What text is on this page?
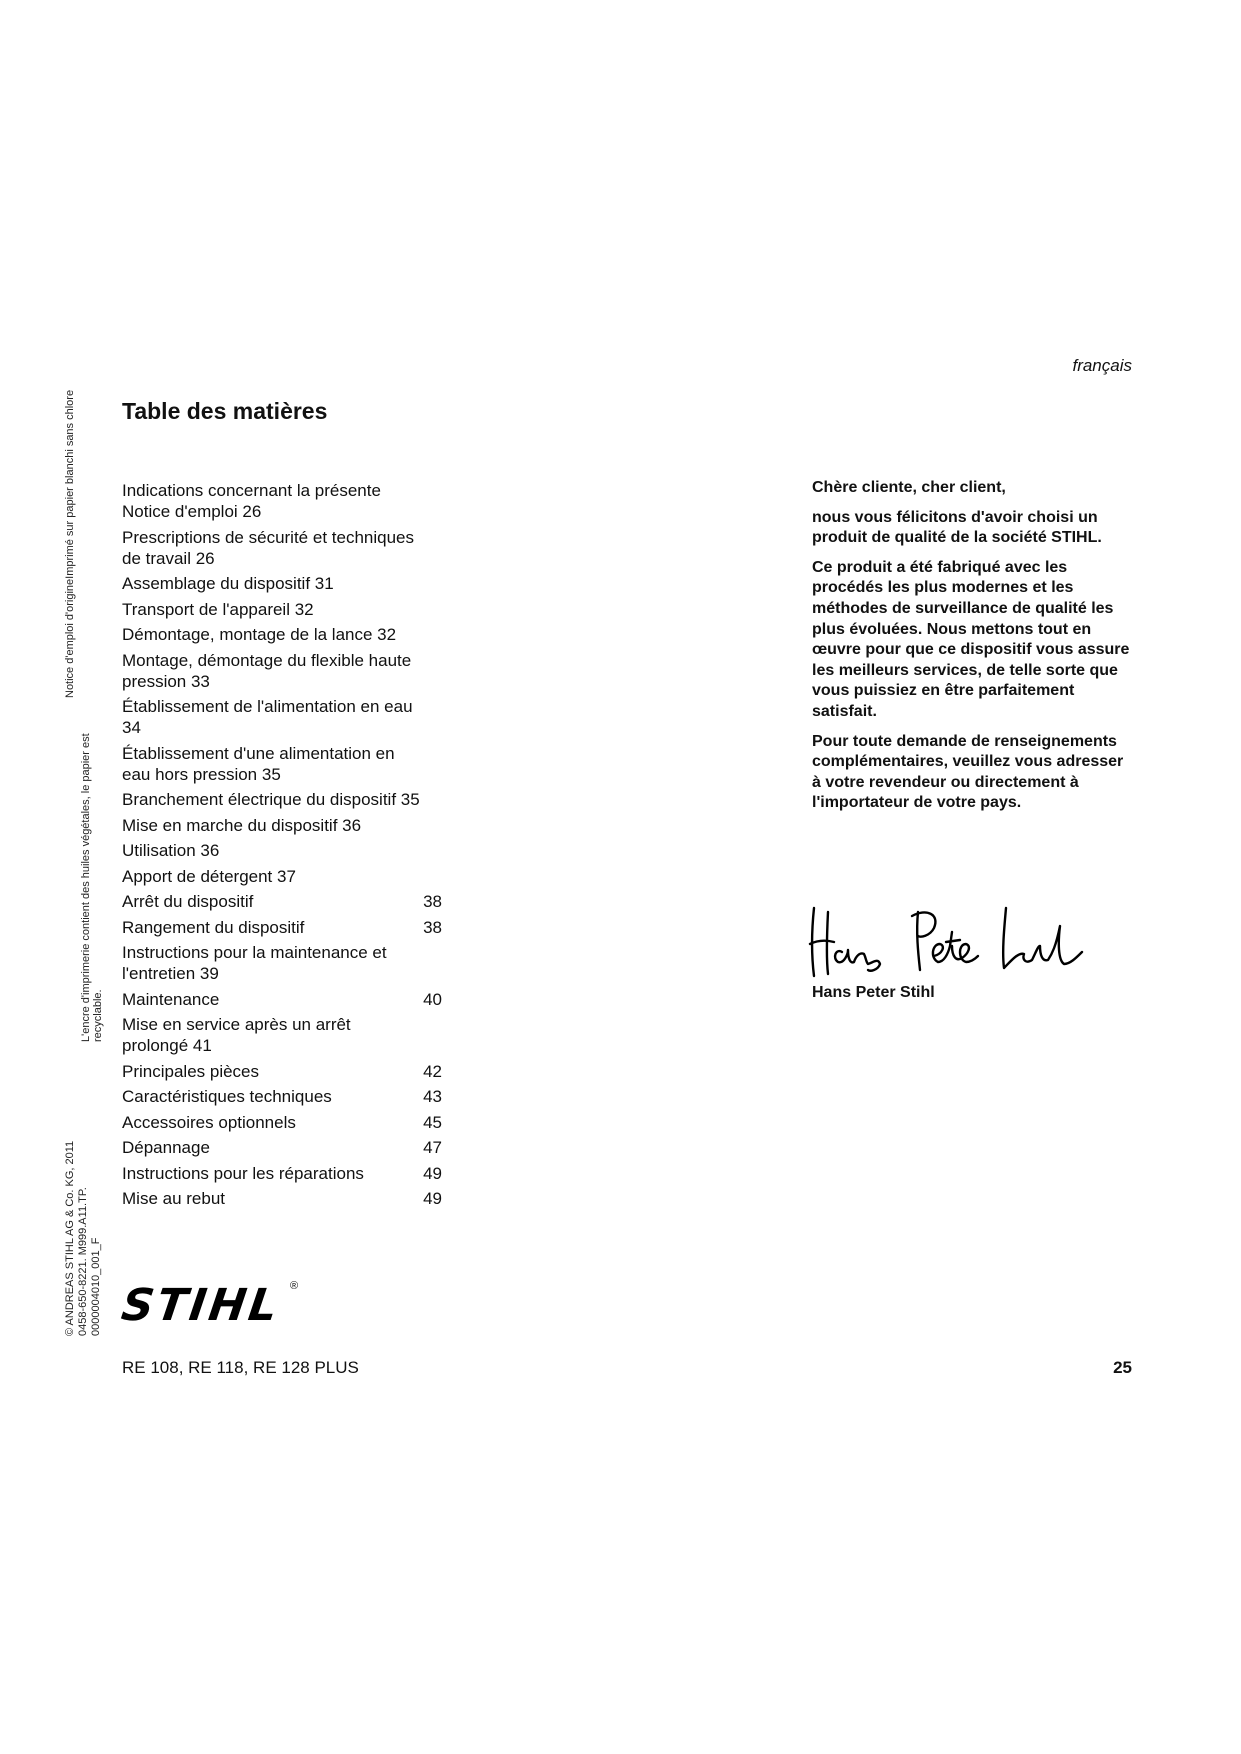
français
Table des matières
Indications concernant la présente Notice d'emploi 26
Prescriptions de sécurité et techniques de travail 26
Assemblage du dispositif 31
Transport de l'appareil 32
Démontage, montage de la lance 32
Montage, démontage du flexible haute pression 33
Établissement de l'alimentation en eau 34
Établissement d'une alimentation en eau hors pression 35
Branchement électrique du dispositif 35
Mise en marche du dispositif 36
Utilisation 36
Apport de détergent 37
Arrêt du dispositif	38
Rangement du dispositif	38
Instructions pour la maintenance et l'entretien 39
Maintenance	40
Mise en service après un arrêt prolongé 41
Principales pièces	42
Caractéristiques techniques	43
Accessoires optionnels	45
Dépannage	47
Instructions pour les réparations	49
Mise au rebut	49

Chère cliente, cher client,

nous vous félicitons d'avoir choisi un produit de qualité de la société STIHL.

Ce produit a été fabriqué avec les procédés les plus modernes et les méthodes de surveillance de qualité les plus évoluées. Nous mettons tout en œuvre pour que ce dispositif vous assure les meilleurs services, de telle sorte que vous puissiez en être parfaitement satisfait.

Pour toute demande de renseignements complémentaires, veuillez vous adresser à votre revendeur ou directement à l'importateur de votre pays.

Hans Peter Stihl
Notice d'emploi d'origineImprimé sur papier blanchi sans chlore
L'encre d'imprimerie contient des huiles végétales, le papier est recyclable.
© ANDREAS STIHL AG & Co. KG, 2011 0458-650-8221. M999.A11.TP. 0000004010_001_F STIHL ®
RE 108, RE 118, RE 128 PLUS	25
